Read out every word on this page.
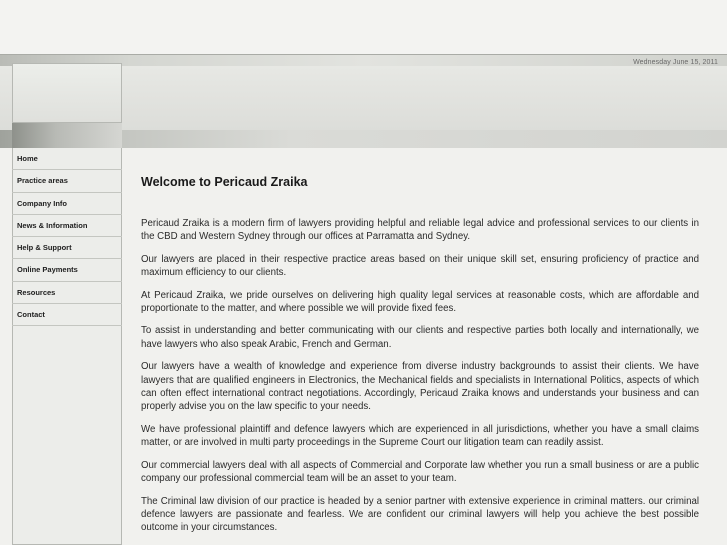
Wednesday June 15, 2011
Home
Practice areas
Company Info
News & Information
Help & Support
Online Payments
Resources
Contact
Welcome to Pericaud Zraika

Pericaud Zraika is a modern firm of lawyers providing helpful and reliable legal advice and professional services to our clients in the CBD and Western Sydney through our offices at Parramatta and Sydney.

Our lawyers are placed in their respective practice areas based on their unique skill set, ensuring proficiency of practice and maximum efficiency to our clients.

At Pericaud Zraika, we pride ourselves on delivering high quality legal services at reasonable costs, which are affordable and proportionate to the matter, and where possible we will provide fixed fees.

To assist in understanding and better communicating with our clients and respective parties both locally and internationally, we have lawyers who also speak Arabic, French and German.

Our lawyers have a wealth of knowledge and experience from diverse industry backgrounds to assist their clients. We have lawyers that are qualified engineers in Electronics, the Mechanical fields and specialists in International Politics, aspects of which can often effect international contract negotiations. Accordingly, Pericaud Zraika knows and understands your business and can properly advise you on the law specific to your needs.

We have professional plaintiff and defence lawyers which are experienced in all jurisdictions, whether you have a small claims matter, or are involved in multi party proceedings in the Supreme Court our litigation team can readily assist.

Our commercial lawyers deal with all aspects of Commercial and Corporate law whether you run a small business or are a public company our professional commercial team will be an asset to your team.

The Criminal law division of our practice is headed by a senior partner with extensive experience in criminal matters. our criminal defence lawyers are passionate and fearless. We are confident our criminal lawyers will help you achieve the best possible outcome in your circumstances.
